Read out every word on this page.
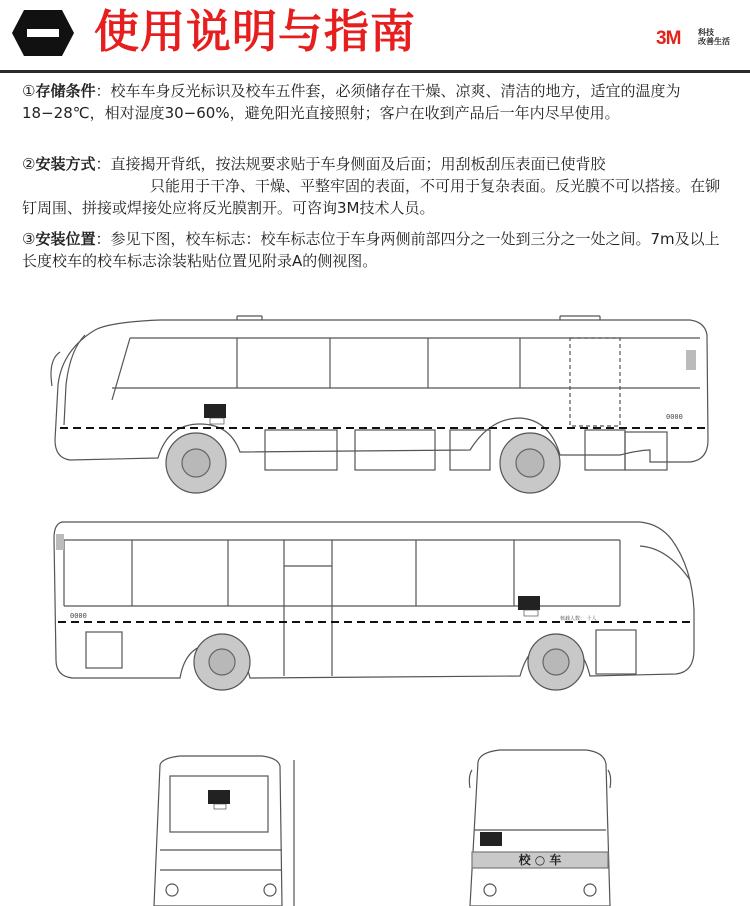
使用说明与指南	3M 科技
改善生活
①存储条件：校车车身反光标识及校车五件套，必须储存在干燥、凉爽、清洁的地方，适宜的温度为18−28℃，相对湿度30−60%，避免阳光直接照射；客户在收到产品后一年内尽早使用。
②安装方式：直接揭开背纸，按法规要求贴于车身侧面及后面；用刮板刮压表面已使背胶
只能用于干净、干燥、平整牢固的表面，不可用于复杂表面。反光膜不可以搭接。在铆钉周围、拼接或焊接处应将反光膜割开。可咨询3M技术人员。
③安装位置：参见下图，校车标志：校车标志位于车身两侧前部四分之一处到三分之一处之间。7m及以上长度校车的校车标志涂装粘贴位置见附录A的侧视图。
0000
0000	核载人数： 十人
校 ○ 车
